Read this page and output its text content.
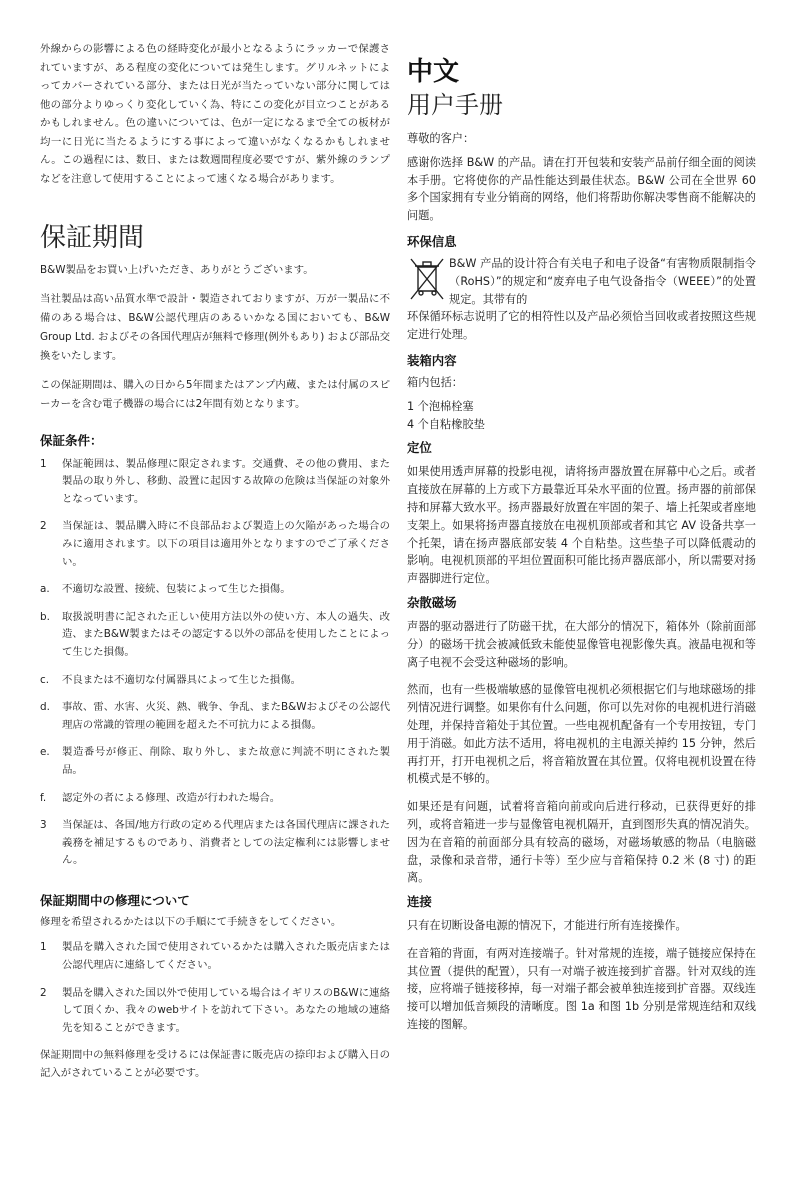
外線からの影響による色の経時変化が最小となるようにラッカーで保護されていますが、ある程度の変化については発生します。グリルネットによってカバーされている部分、または日光が当たっていない部分に関しては他の部分よりゆっくり変化していく為、特にこの変化が目立つことがあるかもしれません。色の違いについては、色が一定になるまで全ての板材が均一に日光に当たるようにする事によって違いがなくなるかもしれません。この過程には、数日、または数週間程度必要ですが、紫外線のランプなどを注意して使用することによって速くなる場合があります。

保証期間

B&W製品をお買い上げいただき、ありがとうございます。

当社製品は高い品質水準で設計・製造されておりますが、万が一製品に不備のある場合は、B&W公認代理店のあるいかなる国においても、B&W Group Ltd. およびその各国代理店が無料で修理(例外もあり) および部品交換をいたします。

この保証期間は、購入の日から5年間またはアンプ内蔵、または付属のスピーカーを含む電子機器の場合には2年間有効となります。

保証条件：
1	保証範囲は、製品修理に限定されます。交通費、その他の費用、また製品の取り外し、移動、設置に起因する故障の危険は当保証の対象外となっています。
2	当保証は、製品購入時に不良部品および製造上の欠陥があった場合のみに適用されます。以下の項目は適用外となりますのでご了承ください。
a.	不適切な設置、接続、包装によって生じた損傷。
b.	取扱説明書に記された正しい使用方法以外の使い方、本人の過失、改造、またB&W製またはその認定する以外の部品を使用したことによって生じた損傷。
c.	不良または不適切な付属器具によって生じた損傷。
d.	事故、雷、水害、火災、熱、戦争、争乱、またB&Wおよびその公認代理店の常識的管理の範囲を超えた不可抗力による損傷。
e.	製造番号が修正、削除、取り外し、また故意に判読不明にされた製品。
f.	認定外の者による修理、改造が行われた場合。
3	当保証は、各国/地方行政の定める代理店または各国代理店に課された義務を補足するものであり、消費者としての法定権利には影響しません。
保証期間中の修理について

修理を希望されるかたは以下の手順にて手続きをしてください。

1	製品を購入された国で使用されているかたは購入された販売店または公認代理店に連絡してください。
2	製品を購入された国以外で使用している場合はイギリスのB&Wに連絡して頂くか、我々のwebサイトを訪れて下さい。あなたの地域の連絡先を知ることができます。

保証期間中の無料修理を受けるには保証書に販売店の捺印および購入日の記入がされていることが必要です。

中文
用户手册

尊敬的客户：

感谢你选择 B&W 的产品。请在打开包装和安装产品前仔细全面的阅读本手册。它将使你的产品性能达到最佳状态。B&W 公司在全世界 60 多个国家拥有专业分销商的网络，他们将帮助你解决零售商不能解决的问题。

环保信息

B&W 产品的设计符合有关电子和电子设备“有害物质限制指令（RoHS）”的规定和“废弃电子电气设备指令（WEEE）”的处置规定。其带有的

环保循环标志说明了它的相符性以及产品必须恰当回收或者按照这些规定进行处理。

装箱内容

箱内包括：

1 个泡棉栓塞

4 个自粘橡胶垫

定位

如果使用透声屏幕的投影电视，请将扬声器放置在屏幕中心之后。或者直接放在屏幕的上方或下方最靠近耳朵水平面的位置。扬声器的前部保持和屏幕大致水平。扬声器最好放置在牢固的架子、墙上托架或者座地支架上。如果将扬声器直接放在电视机顶部或者和其它 AV 设备共享一个托架，请在扬声器底部安装 4 个自粘垫。这些垫子可以降低震动的影响。电视机顶部的平坦位置面积可能比扬声器底部小，所以需要对扬声器脚进行定位。

杂散磁场

声器的驱动器进行了防磁干扰，在大部分的情况下，箱体外（除前面部分）的磁场干扰会被减低致未能使显像管电视影像失真。液晶电视和等离子电视不会受这种磁场的影响。

然而，也有一些极端敏感的显像管电视机必须根据它们与地球磁场的排列情况进行调整。如果你有什么问题，你可以先对你的电视机进行消磁处理，并保持音箱处于其位置。一些电视机配备有一个专用按钮，专门用于消磁。如此方法不适用，将电视机的主电源关掉约 15 分钟，然后再打开，打开电视机之后，将音箱放置在其位置。仅将电视机设置在待机模式是不够的。

如果还是有问题，试着将音箱向前或向后进行移动，已获得更好的排列，或将音箱进一步与显像管电视机隔开，直到图形失真的情况消失。因为在音箱的前面部分具有较高的磁场，对磁场敏感的物品（电脑磁盘，录像和录音带，通行卡等）至少应与音箱保持 0.2 米 (8 寸) 的距离。

连接

只有在切断设备电源的情况下，才能进行所有连接操作。

在音箱的背面，有两对连接端子。针对常规的连接，端子链接应保持在其位置（提供的配置），只有一对端子被连接到扩音器。针对双线的连接，应将端子链接移掉，每一对端子都会被单独连接到扩音器。双线连接可以增加低音频段的清晰度。图 1a 和图 1b 分别是常规连结和双线连接的图解。
